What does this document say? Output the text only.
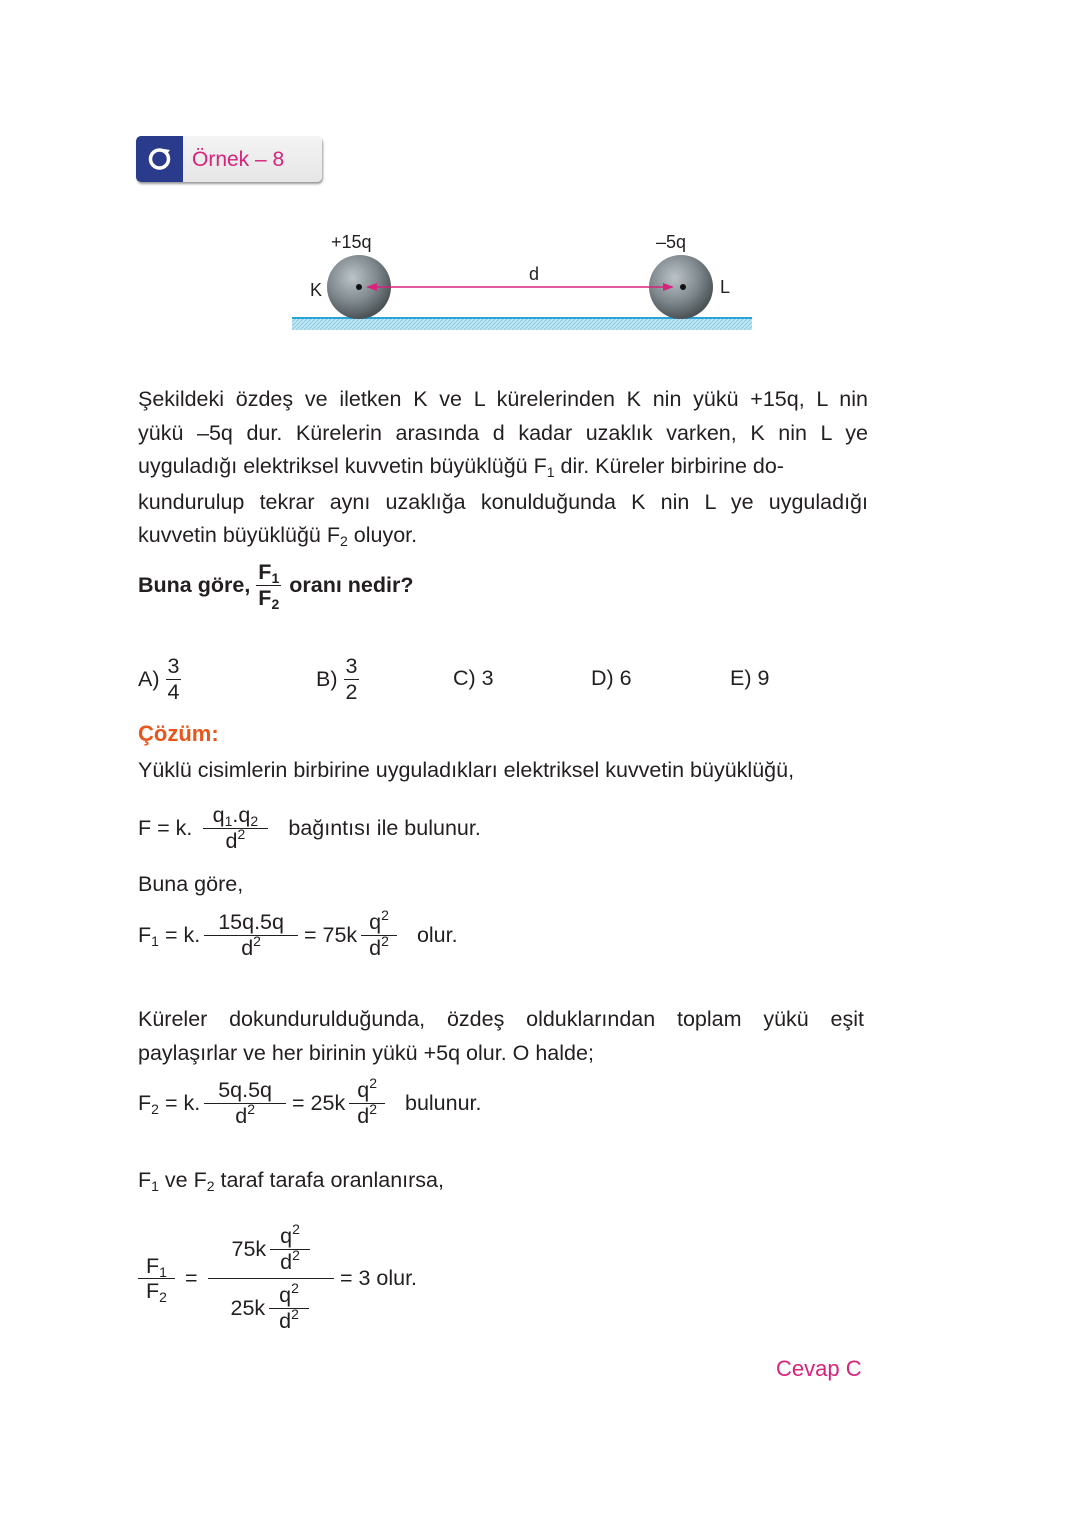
Örnek – 8
+15q	–5q
K	L
d
Şekildeki özdeş ve iletken K ve L kürelerinden K nin yükü +15q, L nin
yükü –5q dur. Kürelerin arasında d kadar uzaklık varken, K nin L ye
uyguladığı elektriksel kuvvetin büyüklüğü $F_1$ dir. Küreler birbirine do-
kundurulup tekrar aynı uzaklığa konulduğunda K nin L ye uyguladığı
kuvvetin büyüklüğü $F_2$ oluyor.
Buna göre, $\frac{F_1}{F_2}$ oranı nedir?
$A) \frac{3}{4}$	$B) \frac{3}{2}$	C) 3	D) 6	E) 9
Çözüm:
Yüklü cisimlerin birbirine uyguladıkları elektriksel kuvvetin büyüklüğü,
F = k. $\frac{q_1.q_2}{d^2}$ bağıntısı ile bulunur.
Buna göre,
$F_1 = k$. $\frac{15q.5q}{d^2} = 75k \frac{q^2}{d^2}$ olur.
Küreler dokundurulduğunda, özdeş olduklarından toplam yükü eşit
paylaşırlar ve her birinin yükü +5q olur. O halde;
$F_2 = k$. $\frac{5q.5q}{d^2} = 25k \frac{q^2}{d^2}$ bulunur.
$F_1$ ve $F_2$ taraf tarafa oranlanırsa,
$\frac{F_1}{F_2} = \frac{75k \frac{q^2}{d^2}}{25k \frac{q^2}{d^2}} = 3$ olur.
Cevap C
